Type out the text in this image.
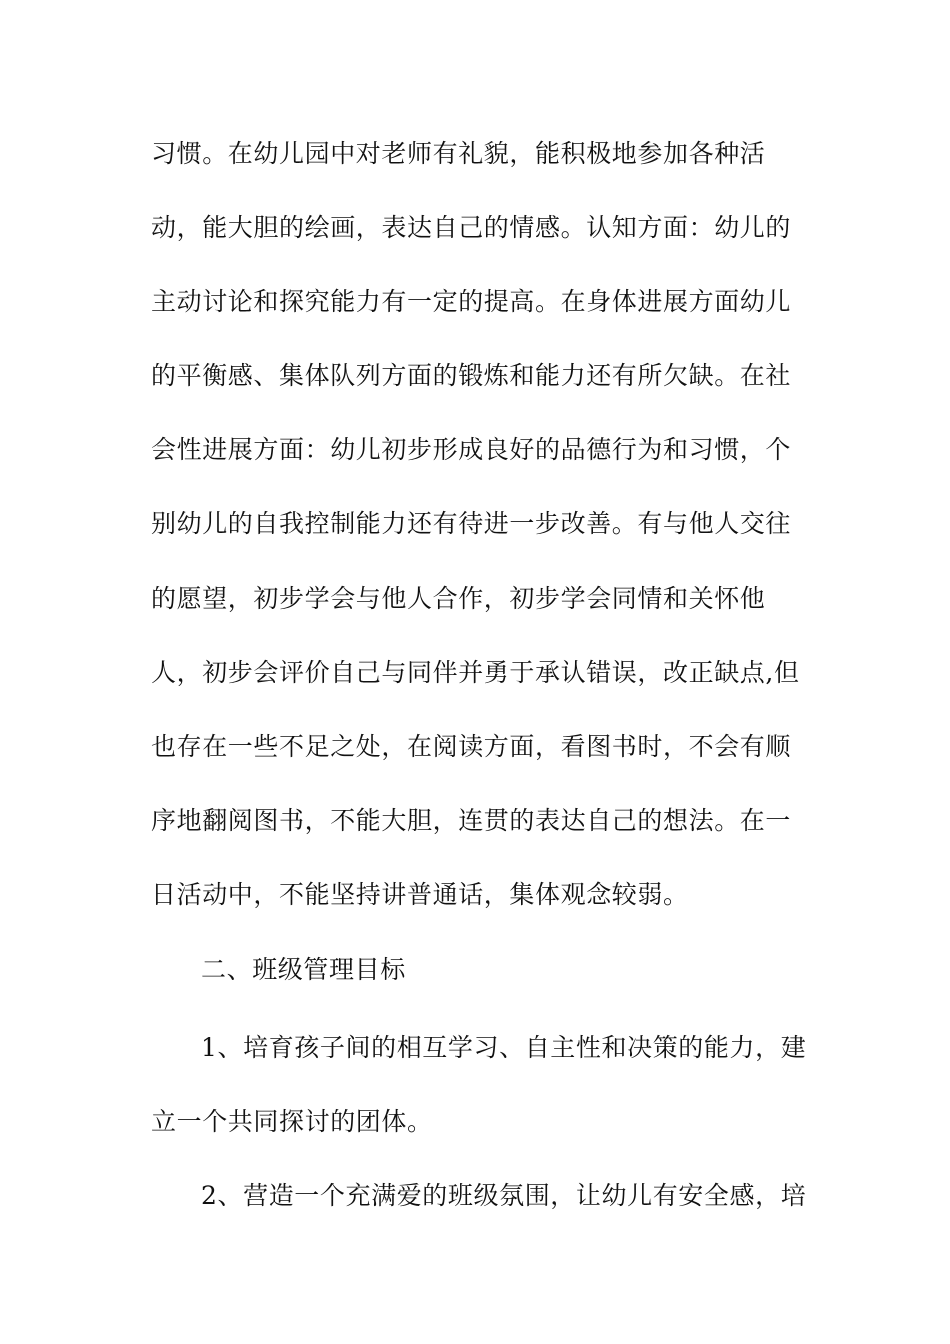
习惯。在幼儿园中对老师有礼貌，能积极地参加各种活
动，能大胆的绘画，表达自己的情感。认知方面：幼儿的
主动讨论和探究能力有一定的提高。在身体进展方面幼儿
的平衡感、集体队列方面的锻炼和能力还有所欠缺。在社
会性进展方面：幼儿初步形成良好的品德行为和习惯，个
别幼儿的自我控制能力还有待进一步改善。有与他人交往
的愿望，初步学会与他人合作，初步学会同情和关怀他
人，初步会评价自己与同伴并勇于承认错误，改正缺点,但
也存在一些不足之处，在阅读方面，看图书时，不会有顺
序地翻阅图书，不能大胆，连贯的表达自己的想法。在一
日活动中，不能坚持讲普通话，集体观念较弱。
二、班级管理目标
1、培育孩子间的相互学习、自主性和决策的能力，建
立一个共同探讨的团体。
2、营造一个充满爱的班级氛围，让幼儿有安全感，培
